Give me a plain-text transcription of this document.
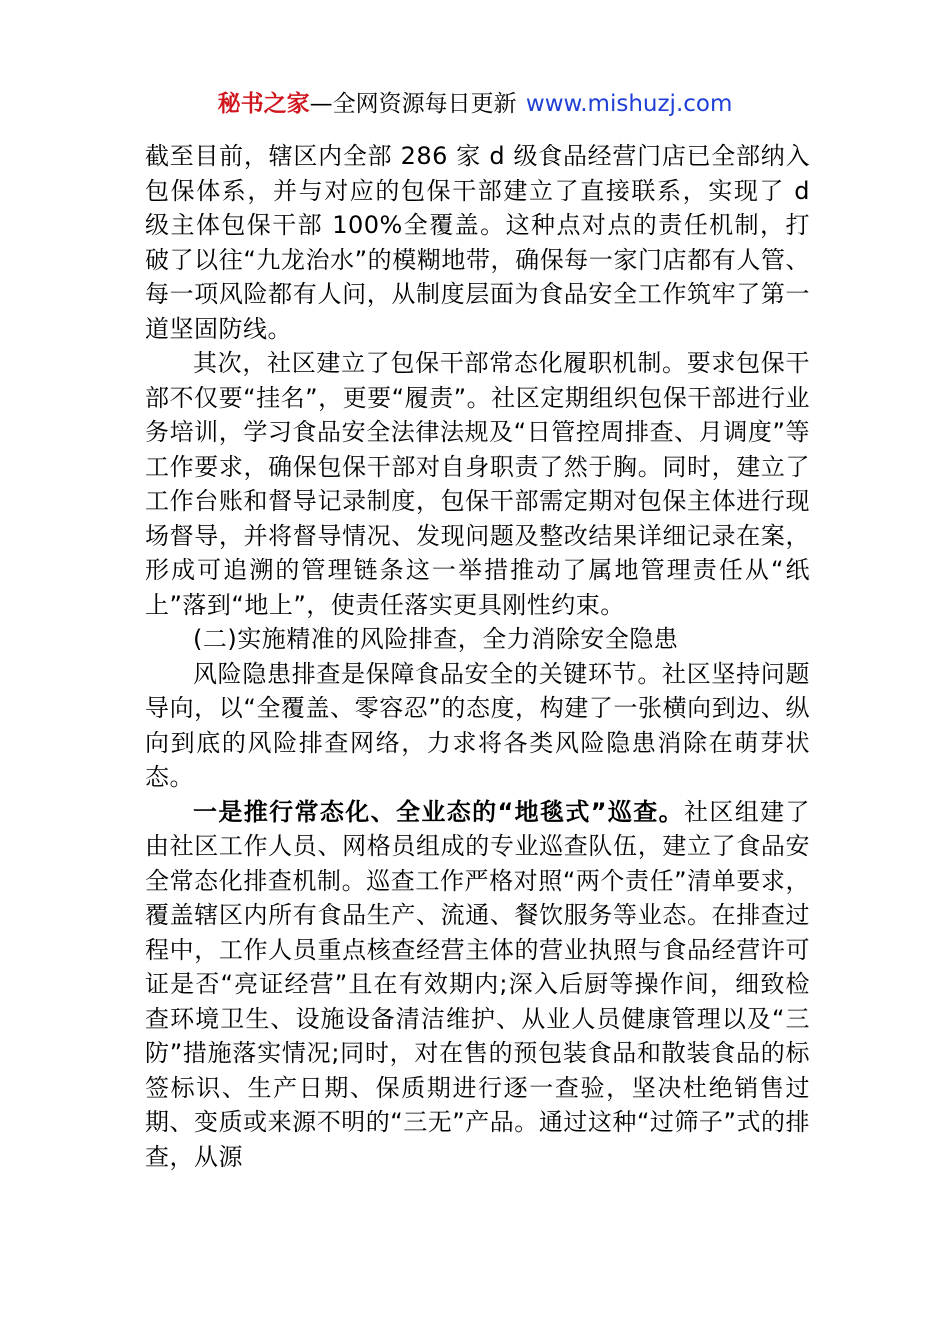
秘书之家—全网资源每日更新 www.mishuzj.com

截至目前，辖区内全部 286 家 d 级食品经营门店已全部纳入包保体系，并与对应的包保干部建立了直接联系，实现了 d 级主体包保干部 100%全覆盖。这种点对点的责任机制，打破了以往“九龙治水”的模糊地带，确保每一家门店都有人管、每一项风险都有人问，从制度层面为食品安全工作筑牢了第一道坚固防线。

其次，社区建立了包保干部常态化履职机制。要求包保干部不仅要“挂名”，更要“履责”。社区定期组织包保干部进行业务培训，学习食品安全法律法规及“日管控周排查、月调度”等工作要求，确保包保干部对自身职责了然于胸。同时，建立了工作台账和督导记录制度，包保干部需定期对包保主体进行现场督导，并将督导情况、发现问题及整改结果详细记录在案，形成可追溯的管理链条这一举措推动了属地管理责任从“纸上”落到“地上”，使责任落实更具刚性约束。

(二)实施精准的风险排查，全力消除安全隐患

风险隐患排查是保障食品安全的关键环节。社区坚持问题导向，以“全覆盖、零容忍”的态度，构建了一张横向到边、纵向到底的风险排查网络，力求将各类风险隐患消除在萌芽状态。

一是推行常态化、全业态的“地毯式”巡查。社区组建了由社区工作人员、网格员组成的专业巡查队伍，建立了食品安全常态化排查机制。巡查工作严格对照“两个责任”清单要求，覆盖辖区内所有食品生产、流通、餐饮服务等业态。在排查过程中，工作人员重点核查经营主体的营业执照与食品经营许可证是否“亮证经营”且在有效期内;深入后厨等操作间，细致检查环境卫生、设施设备清洁维护、从业人员健康管理以及“三防”措施落实情况;同时，对在售的预包装食品和散装食品的标签标识、生产日期、保质期进行逐一查验，坚决杜绝销售过期、变质或来源不明的“三无”产品。通过这种“过筛子”式的排查，从源
